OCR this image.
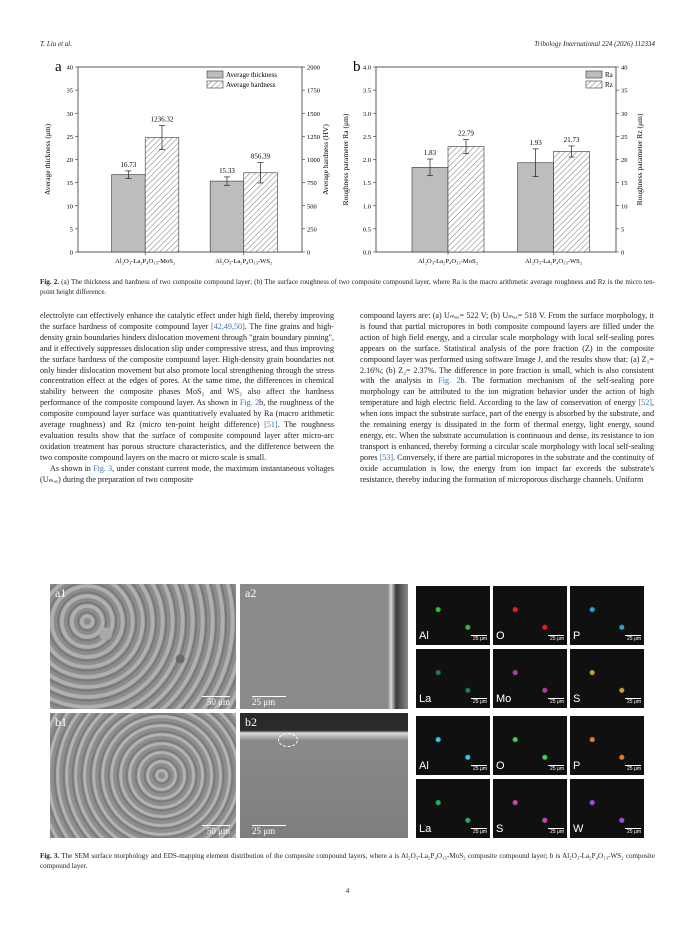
T. Liu et al.	Tribology International 224 (2026) 112334
a
0
5
10
15
20
25
30
35
40
0
250
500
750
1000
1250
1500
1750
2000
Average thickness (μm)	Average hardness (HV)
Al₂O₃-La₂P₄O₁₃-MoS₂	Al₂O₃-La₂P₄O₁₃-WS₂
16.73
15.33
1236.32
856.39
Average thickness
Average hardness
b
0.0
0.5
1.0
1.5
2.0
2.5
3.0
3.5
4.0
0
5
10
15
20
25
30
35
40
Roughness parameter Ra (μm)	Roughness parameter Rz (μm)
Al₂O₃-La₂P₄O₁₃-MoS₂	Al₂O₃-La₂P₄O₁₃-WS₂
1.83
1.93
22.79
21.73
Ra
Rz
Fig. 2. (a) The thickness and hardness of two composite compound layer; (b) The surface roughness of two composite compound layer, where Ra is the macro arithmetic average roughness and Rz is the micro ten-point height difference.

electrolyte can effectively enhance the catalytic effect under high field, thereby improving the surface hardness of composite compound layer [42,49,50]. The fine grains and high-density grain boundaries hinders dislocation movement through "grain boundary pinning", and it effectively suppresses dislocation slip under compressive stress, and thus improving the surface hardness of the composite compound layer. High-density grain boundaries not only hinder dislocation movement but also promote local strengthening through the stress concentration effect at the edges of pores. At the same time, the differences in chemical stability between the composite phases MoS₂ and WS₂ also affect the hardness performance of the composite compound layer. As shown in Fig. 2b, the roughness of the composite compound layer surface was quantitatively evaluated by Ra (macro arithmetic average roughness) and Rz (micro ten-point height difference) [51]. The roughness evaluation results show that the surface of composite compound layer after micro-arc oxidation treatment has porous structure characteristics, and the difference between the two composite compound layers on the macro or micro scale is small.

As shown in Fig. 3, under constant current mode, the maximum instantaneous voltages (Uₘₐₓ) during the preparation of two composite

compound layers are: (a) Uₘₐₓ= 522 V; (b) Uₘₐₓ= 518 V. From the surface morphology, it is found that partial micropores in both composite compound layers are filled under the action of high field energy, and a circular scale morphology with local self-sealing pores appears on the surface. Statistical analysis of the pore fraction (Z) in the composite compound layer was performed using software Image J, and the results show that: (a) Z₁= 2.16%; (b) Z₂= 2.37%. The difference in pore fraction is small, which is also consistent with the analysis in Fig. 2b. The formation mechanism of the self-sealing pore morphology can be attributed to the ion migration behavior under the action of high temperature and high electric field. According to the law of conservation of energy [52], when ions impact the substrate surface, part of the energy is absorbed by the substrate, and the remaining energy is dissipated in the form of thermal energy, light energy, sound energy, etc. When the substrate accumulation is continuous and dense, its resistance to ion transport is enhanced, thereby forming a circular scale morphology with local self-sealing pores [53]. Conversely, if there are partial micropores in the substrate and the continuity of oxide accumulation is low, the energy from ion impact far exceeds the substrate's resistance, thereby inducing the formation of microporous discharge channels. Uniform

a1
50 μm
a2
25 μm
b1
50 μm
b2
25 μm
Al	25 μm O	25 μm P	25 μm
La	25 μm Mo	25 μm S	25 μm
Al	25 μm O	25 μm P	25 μm
La	25 μm S	25 μm W	25 μm
Fig. 3. The SEM surface morphology and EDS-mapping element distribution of the composite compound layers, where a is Al₂O₃-La₂P₄O₁₃-MoS₂ composite compound layer; b is Al₂O₃-La₂P₄O₁₃-WS₂ composite compound layer.
4
